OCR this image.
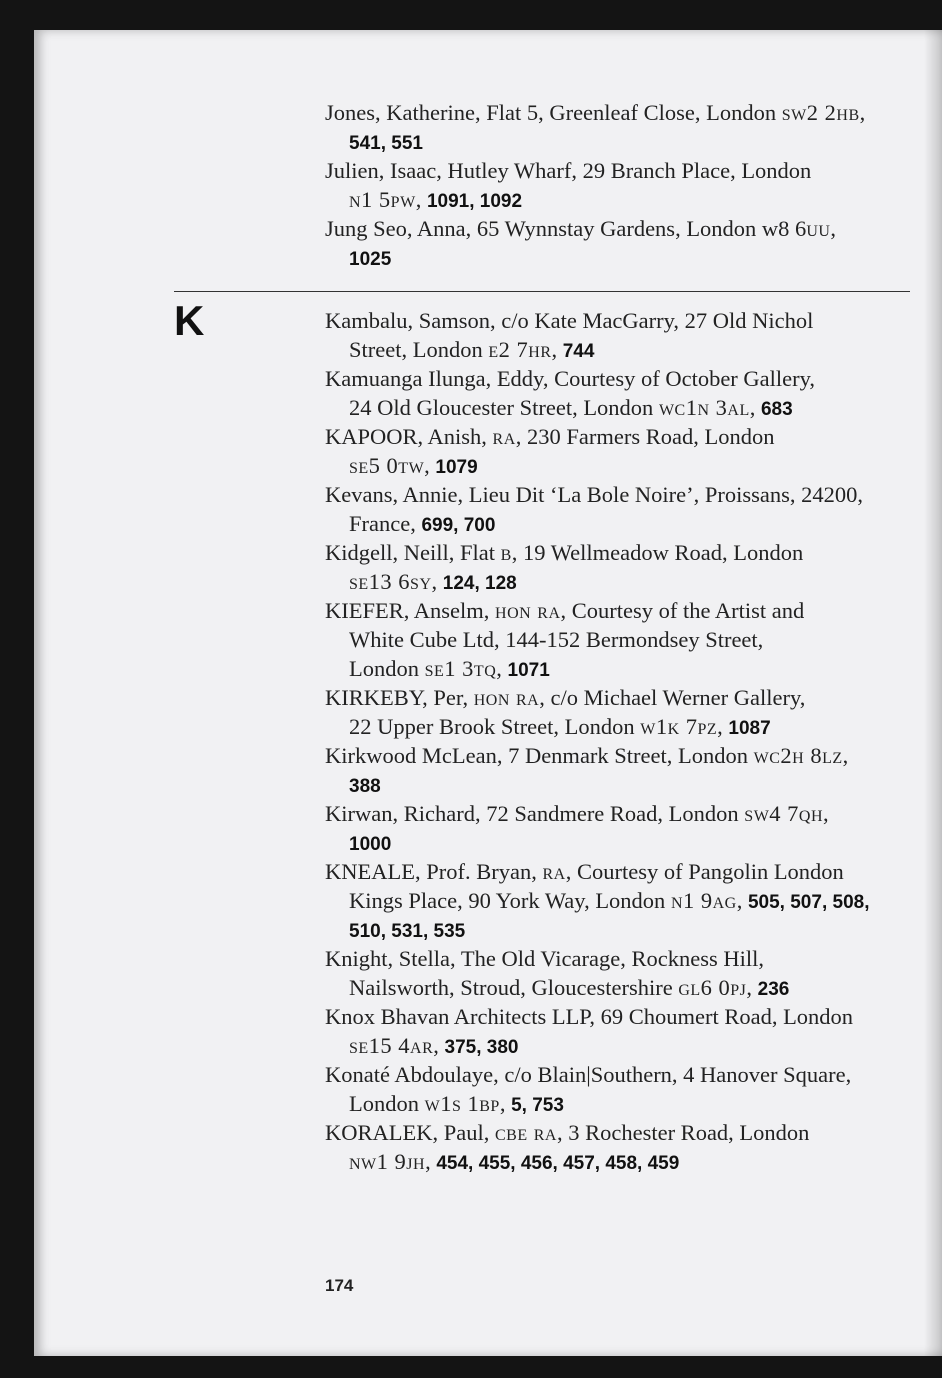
K
Jones, Katherine, Flat 5, Greenleaf Close, London sw2 2hb,
541, 551
Julien, Isaac, Hutley Wharf, 29 Branch Place, London
n1 5pw, 1091, 1092
Jung Seo, Anna, 65 Wynnstay Gardens, London w8 6uu,
1025
Kambalu, Samson, c/o Kate MacGarry, 27 Old Nichol
Street, London e2 7hr, 744
Kamuanga Ilunga, Eddy, Courtesy of October Gallery,
24 Old Gloucester Street, London wc1n 3al, 683
KAPOOR, Anish, ra, 230 Farmers Road, London
se5 0tw, 1079
Kevans, Annie, Lieu Dit ‘La Bole Noire’, Proissans, 24200,
France, 699, 700
Kidgell, Neill, Flat b, 19 Wellmeadow Road, London
se13 6sy, 124, 128
KIEFER, Anselm, hon ra, Courtesy of the Artist and
White Cube Ltd, 144-152 Bermondsey Street,
London se1 3tq, 1071
KIRKEBY, Per, hon ra, c/o Michael Werner Gallery,
22 Upper Brook Street, London w1k 7pz, 1087
Kirkwood McLean, 7 Denmark Street, London wc2h 8lz,
388
Kirwan, Richard, 72 Sandmere Road, London sw4 7qh,
1000
KNEALE, Prof. Bryan, ra, Courtesy of Pangolin London
Kings Place, 90 York Way, London n1 9ag, 505, 507, 508,
510, 531, 535
Knight, Stella, The Old Vicarage, Rockness Hill,
Nailsworth, Stroud, Gloucestershire gl6 0pj, 236
Knox Bhavan Architects LLP, 69 Choumert Road, London
se15 4ar, 375, 380
Konaté Abdoulaye, c/o Blain|Southern, 4 Hanover Square,
London w1s 1bp, 5, 753
KORALEK, Paul, cbe ra, 3 Rochester Road, London
nw1 9jh, 454, 455, 456, 457, 458, 459
174
